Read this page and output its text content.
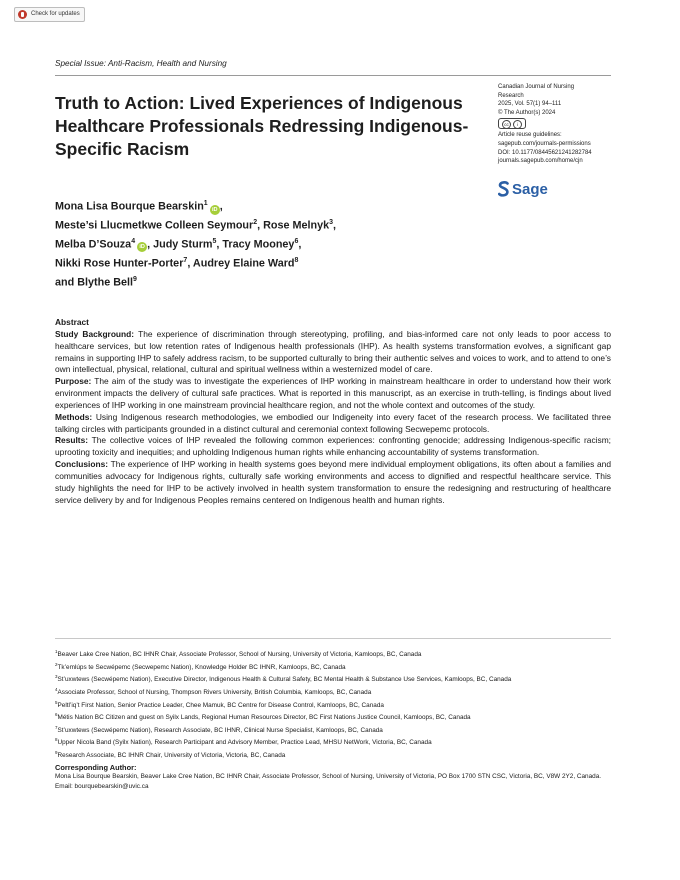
Check for updates
Special Issue: Anti-Racism, Health and Nursing
Truth to Action: Lived Experiences of Indigenous Healthcare Professionals Redressing Indigenous-Specific Racism
Canadian Journal of Nursing
Research
2025, Vol. 57(1) 94–111
© The Author(s) 2024
cc i
Article reuse guidelines:
sagepub.com/journals-permissions
DOI: 10.1177/08445621241282784
journals.sagepub.com/home/cjn
Sage
Mona Lisa Bourque Bearskin$^1$iD ,
Meste’si Llucmetkwe Colleen Seymour$^2$, Rose Melnyk$^3$,
Melba D’Souza$^4$iD , Judy Sturm$^5$, Tracy Mooney$^6$,
Nikki Rose Hunter-Porter$^7$, Audrey Elaine Ward$^8$
and Blythe Bell$^9$

Abstract

Study Background: The experience of discrimination through stereotyping, profiling, and bias-informed care not only leads to poor access to healthcare services, but low retention rates of Indigenous health professionals (IHP). As health systems transformation evolves, a significant gap remains in supporting IHP to safely address racism, to be supported culturally to bring their authentic selves and voices to work, and to attend to one’s own intellectual, physical, relational, cultural and spiritual wellness within a westernized model of care.

Purpose: The aim of the study was to investigate the experiences of IHP working in mainstream healthcare in order to understand how their work environment impacts the delivery of cultural safe practices. What is reported in this manuscript, as an exercise in truth-telling, is findings about lived experiences of IHP working in one mainstream provincial healthcare region, and not the whole context and outcomes of the study.

Methods: Using Indigenous research methodologies, we embodied our Indigeneity into every facet of the research process. We facilitated three talking circles with participants grounded in a distinct cultural and ceremonial context following Secwepemc protocols.

Results: The collective voices of IHP revealed the following common experiences: confronting genocide; addressing Indigenous-specific racism; uprooting toxicity and inequities; and upholding Indigenous human rights while enhancing accountability of systems transformation.

Conclusions: The experience of IHP working in health systems goes beyond mere individual employment obligations, its often about a families and communities advocacy for Indigenous rights, culturally safe working environments and access to dignified and respectful healthcare service. This study highlights the need for IHP to be actively involved in health system transformation to ensure the redesigning and restructuring of healthcare service delivery by and for Indigenous Peoples remains centered on Indigenous health and human rights.

$^1$Beaver Lake Cree Nation, BC IHNR Chair, Associate Professor, School of Nursing, University of Victoria, Kamloops, BC, Canada

$^2$Tk’emlúps te Secwépemc (Secwepemc Nation), Knowledge Holder BC IHNR, Kamloops, BC, Canada

$^3$St’uxwtews (Secwépemc Nation), Executive Director, Indigenous Health & Cultural Safety, BC Mental Health & Substance Use Services, Kamloops, BC, Canada

$^4$Associate Professor, School of Nursing, Thompson Rivers University, British Columbia, Kamloops, BC, Canada

$^5$Peltl’iq’t First Nation, Senior Practice Leader, Chee Mamuk, BC Centre for Disease Control, Kamloops, BC, Canada

$^6$Métis Nation BC Citizen and guest on Syilx Lands, Regional Human Resources Director, BC First Nations Justice Council, Kamloops, BC, Canada

$^7$St’uxwtews (Secwépemc Nation), Research Associate, BC IHNR, Clinical Nurse Specialist, Kamloops, BC, Canada

$^8$Upper Nicola Band (Syilx Nation), Research Participant and Advisory Member, Practice Lead, MHSU NetWork, Victoria, BC, Canada

$^9$Research Associate, BC IHNR Chair, University of Victoria, Victoria, BC, Canada

Corresponding Author:

Mona Lisa Bourque Bearskin, Beaver Lake Cree Nation, BC IHNR Chair, Associate Professor, School of Nursing, University of Victoria, PO Box 1700 STN CSC, Victoria, BC, V8W 2Y2, Canada.

Email: bourquebearskin@uvic.ca
